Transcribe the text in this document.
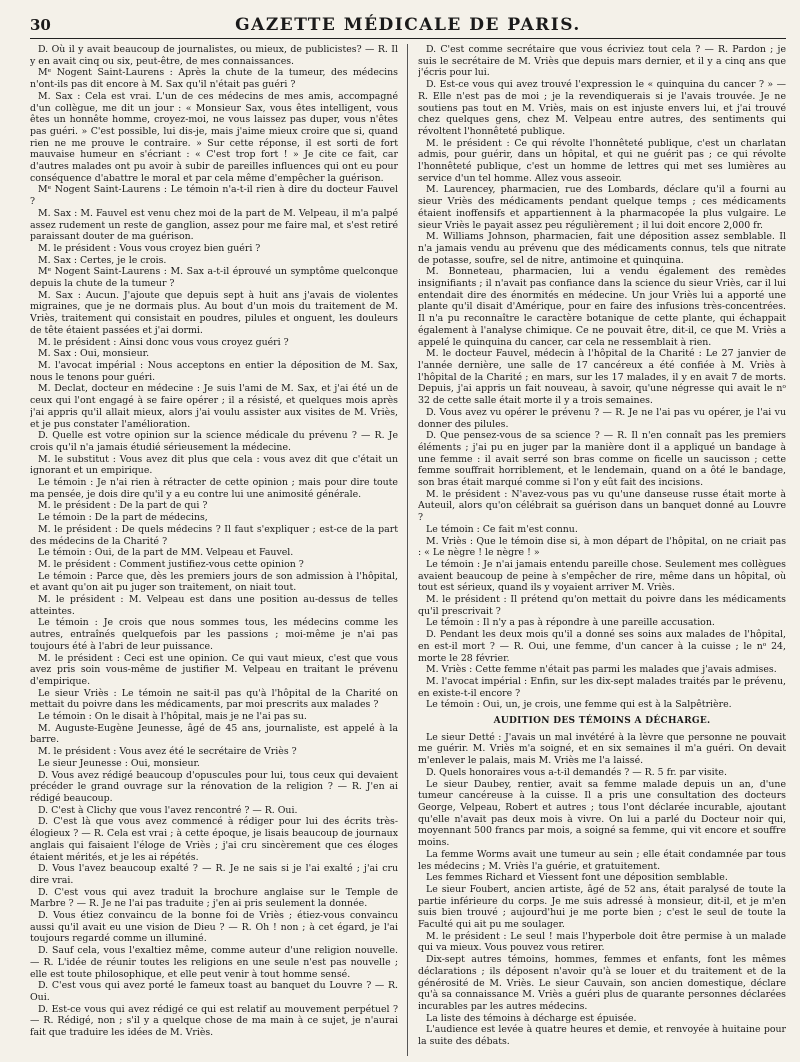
30	GAZETTE MÉDICALE DE PARIS.

D. Où il y avait beaucoup de journalistes, ou mieux, de publicistes? — R. Il y en avait cinq ou six, peut-être, de mes connaissances.

Mᵉ Nogent Saint-Laurens : Après la chute de la tumeur, des médecins n'ont-ils pas dit encore à M. Sax qu'il n'était pas guéri ?

M. Sax : Cela est vrai. L'un de ces médecins de mes amis, accompagné d'un collègue, me dit un jour : « Monsieur Sax, vous êtes intelligent, vous êtes un honnête homme, croyez-moi, ne vous laissez pas duper, vous n'êtes pas guéri. » C'est possible, lui dis-je, mais j'aime mieux croire que si, quand rien ne me prouve le contraire. » Sur cette réponse, il est sorti de fort mauvaise humeur en s'écriant : « C'est trop fort ! » Je cite ce fait, car d'autres malades ont pu avoir à subir de pareilles influences qui ont eu pour conséquence d'abattre le moral et par cela même d'empêcher la guérison.

Mᵉ Nogent Saint-Laurens : Le témoin n'a-t-il rien à dire du docteur Fauvel ?

M. Sax : M. Fauvel est venu chez moi de la part de M. Velpeau, il m'a palpé assez rudement un reste de ganglion, assez pour me faire mal, et s'est retiré paraissant douter de ma guérison.

M. le président : Vous vous croyez bien guéri ?

M. Sax : Certes, je le crois.

Mᵉ Nogent Saint-Laurens : M. Sax a-t-il éprouvé un symptôme quelconque depuis la chute de la tumeur ?

M. Sax : Aucun. J'ajoute que depuis sept à huit ans j'avais de violentes migraines, que je ne dormais plus. Au bout d'un mois du traitement de M. Vriès, traitement qui consistait en poudres, pilules et onguent, les douleurs de tête étaient passées et j'ai dormi.

M. le président : Ainsi donc vous vous croyez guéri ?

M. Sax : Oui, monsieur.

M. l'avocat impérial : Nous acceptons en entier la déposition de M. Sax, nous le tenons pour guéri.

M. Declat, docteur en médecine : Je suis l'ami de M. Sax, et j'ai été un de ceux qui l'ont engagé à se faire opérer ; il a résisté, et quelques mois après j'ai appris qu'il allait mieux, alors j'ai voulu assister aux visites de M. Vriès, et je pus constater l'amélioration.

D. Quelle est votre opinion sur la science médicale du prévenu ? — R. Je crois qu'il n'a jamais étudié sérieusement la médecine.

M. le substitut : Vous avez dit plus que cela : vous avez dit que c'était un ignorant et un empirique.

Le témoin : Je n'ai rien à rétracter de cette opinion ; mais pour dire toute ma pensée, je dois dire qu'il y a eu contre lui une animosité générale.

M. le président : De la part de qui ?

Le témoin : De la part de médecins,

M. le président : De quels médecins ? Il faut s'expliquer ; est-ce de la part des médecins de la Charité ?

Le témoin : Oui, de la part de MM. Velpeau et Fauvel.

M. le président : Comment justifiez-vous cette opinion ?

Le témoin : Parce que, dès les premiers jours de son admission à l'hôpital, et avant qu'on ait pu juger son traitement, on niait tout.

M. le président : M. Velpeau est dans une position au-dessus de telles atteintes.

Le témoin : Je crois que nous sommes tous, les médecins comme les autres, entraînés quelquefois par les passions ; moi-même je n'ai pas toujours été à l'abri de leur puissance.

M. le président : Ceci est une opinion. Ce qui vaut mieux, c'est que vous avez pris soin vous-même de justifier M. Velpeau en traitant le prévenu d'empirique.

Le sieur Vriès : Le témoin ne sait-il pas qu'à l'hôpital de la Charité on mettait du poivre dans les médicaments, par moi prescrits aux malades ?

Le témoin : On le disait à l'hôpital, mais je ne l'ai pas su.

M. Auguste-Eugène Jeunesse, âgé de 45 ans, journaliste, est appelé à la barre.

M. le président : Vous avez été le secrétaire de Vriès ?

Le sieur Jeunesse : Oui, monsieur.

D. Vous avez rédigé beaucoup d'opuscules pour lui, tous ceux qui devaient précéder le grand ouvrage sur la rénovation de la religion ? — R. J'en ai rédigé beaucoup.

D. C'est à Clichy que vous l'avez rencontré ? — R. Oui.

D. C'est là que vous avez commencé à rédiger pour lui des écrits très-élogieux ? — R. Cela est vrai ; à cette époque, je lisais beaucoup de journaux anglais qui faisaient l'éloge de Vriès ; j'ai cru sincèrement que ces éloges étaient mérités, et je les ai répétés.

D. Vous l'avez beaucoup exalté ? — R. Je ne sais si je l'ai exalté ; j'ai cru dire vrai.

D. C'est vous qui avez traduit la brochure anglaise sur le Temple de Marbre ? — R. Je ne l'ai pas traduite ; j'en ai pris seulement la donnée.

D. Vous étiez convaincu de la bonne foi de Vriès ; étiez-vous convaincu aussi qu'il avait eu une vision de Dieu ? — R. Oh ! non ; à cet égard, je l'ai toujours regardé comme un illuminé.

D. Sauf cela, vous l'exaltiez même, comme auteur d'une religion nouvelle. — R. L'idée de réunir toutes les religions en une seule n'est pas nouvelle ; elle est toute philosophique, et elle peut venir à tout homme sensé.

D. C'est vous qui avez porté le fameux toast au banquet du Louvre ? — R. Oui.

D. Est-ce vous qui avez rédigé ce qui est relatif au mouvement perpétuel ? — R. Rédigé, non ; s'il y a quelque chose de ma main à ce sujet, je n'aurai fait que traduire les idées de M. Vriès.

D. C'est comme secrétaire que vous écriviez tout cela ? — R. Pardon ; je suis le secrétaire de M. Vriès que depuis mars dernier, et il y a cinq ans que j'écris pour lui.

D. Est-ce vous qui avez trouvé l'expression le « quinquina du cancer ? » — R. Elle n'est pas de moi ; je la revendiquerais si je l'avais trouvée. Je ne soutiens pas tout en M. Vriès, mais on est injuste envers lui, et j'ai trouvé chez quelques gens, chez M. Velpeau entre autres, des sentiments qui révoltent l'honnêteté publique.

M. le président : Ce qui révolte l'honnêteté publique, c'est un charlatan admis, pour guérir, dans un hôpital, et qui ne guérit pas ; ce qui révolte l'honnêteté publique, c'est un homme de lettres qui met ses lumières au service d'un tel homme. Allez vous asseoir.

M. Laurencey, pharmacien, rue des Lombards, déclare qu'il a fourni au sieur Vriès des médicaments pendant quelque temps ; ces médicaments étaient inoffensifs et appartiennent à la pharmacopée la plus vulgaire. Le sieur Vriès le payait assez peu régulièrement ; il lui doit encore 2,000 fr.

M. Williams Johnson, pharmacien, fait une déposition assez semblable. Il n'a jamais vendu au prévenu que des médicaments connus, tels que nitrate de potasse, soufre, sel de nitre, antimoine et quinquina.

M. Bonneteau, pharmacien, lui a vendu également des remèdes insignifiants ; il n'avait pas confiance dans la science du sieur Vriès, car il lui entendait dire des énormités en médecine. Un jour Vriès lui a apporté une plante qu'il disait d'Amérique, pour en faire des infusions très-concentrées. Il n'a pu reconnaître le caractère botanique de cette plante, qui échappait également à l'analyse chimique. Ce ne pouvait être, dit-il, ce que M. Vriès a appelé le quinquina du cancer, car cela ne ressemblait à rien.

M. le docteur Fauvel, médecin à l'hôpital de la Charité : Le 27 janvier de l'année dernière, une salle de 17 cancéreux a été confiée à M. Vriès à l'hôpital de la Charité ; en mars, sur les 17 malades, il y en avait 7 de morts. Depuis, j'ai appris un fait nouveau, à savoir, qu'une négresse qui avait le nᵒ 32 de cette salle était morte il y a trois semaines.

D. Vous avez vu opérer le prévenu ? — R. Je ne l'ai pas vu opérer, je l'ai vu donner des pilules.

D. Que pensez-vous de sa science ? — R. Il n'en connaît pas les premiers éléments ; j'ai pu en juger par la manière dont il a appliqué un bandage à une femme : il avait serré son bras comme on ficelle un saucisson ; cette femme souffrait horriblement, et le lendemain, quand on a ôté le bandage, son bras était marqué comme si l'on y eût fait des incisions.

M. le président : N'avez-vous pas vu qu'une danseuse russe était morte à Auteuil, alors qu'on célébrait sa guérison dans un banquet donné au Louvre ?

Le témoin : Ce fait m'est connu.

M. Vriès : Que le témoin dise si, à mon départ de l'hôpital, on ne criait pas : « Le nègre ! le nègre ! »

Le témoin : Je n'ai jamais entendu pareille chose. Seulement mes collègues avaient beaucoup de peine à s'empêcher de rire, même dans un hôpital, où tout est sérieux, quand ils y voyaient arriver M. Vriès.

M. le président : Il prétend qu'on mettait du poivre dans les médicaments qu'il prescrivait ?

Le témoin : Il n'y a pas à répondre à une pareille accusation.

D. Pendant les deux mois qu'il a donné ses soins aux malades de l'hôpital, en est-il mort ? — R. Oui, une femme, d'un cancer à la cuisse ; le nᵒ 24, morte le 28 février.

M. Vriès : Cette femme n'était pas parmi les malades que j'avais admises.

M. l'avocat impérial : Enfin, sur les dix-sept malades traités par le prévenu, en existe-t-il encore ?

Le témoin : Oui, un, je crois, une femme qui est à la Salpêtrière.

AUDITION DES TÉMOINS A DÉCHARGE.

Le sieur Detté : J'avais un mal invétéré à la lèvre que personne ne pouvait me guérir. M. Vriès m'a soigné, et en six semaines il m'a guéri. On devait m'enlever le palais, mais M. Vriès me l'a laissé.

D. Quels honoraires vous a-t-il demandés ? — R. 5 fr. par visite.

Le sieur Daubey, rentier, avait sa femme malade depuis un an, d'une tumeur cancéreuse à la cuisse. Il a pris une consultation des docteurs George, Velpeau, Robert et autres ; tous l'ont déclarée incurable, ajoutant qu'elle n'avait pas deux mois à vivre. On lui a parlé du Docteur noir qui, moyennant 500 francs par mois, a soigné sa femme, qui vit encore et souffre moins.

La femme Worms avait une tumeur au sein ; elle était condamnée par tous les médecins ; M. Vriès l'a guérie, et gratuitement.

Les femmes Richard et Viessent font une déposition semblable.

Le sieur Foubert, ancien artiste, âgé de 52 ans, était paralysé de toute la partie inférieure du corps. Je me suis adressé à monsieur, dit-il, et je m'en suis bien trouvé ; aujourd'hui je me porte bien ; c'est le seul de toute la Faculté qui ait pu me soulager.

M. le président : Le seul ! mais l'hyperbole doit être permise à un malade qui va mieux. Vous pouvez vous retirer.

Dix-sept autres témoins, hommes, femmes et enfants, font les mêmes déclarations ; ils déposent n'avoir qu'à se louer et du traitement et de la générosité de M. Vriès. Le sieur Cauvain, son ancien domestique, déclare qu'à sa connaissance M. Vriès a guéri plus de quarante personnes déclarées incurables par les autres médecins.

La liste des témoins à décharge est épuisée.

L'audience est levée à quatre heures et demie, et renvoyée à huitaine pour la suite des débats.
